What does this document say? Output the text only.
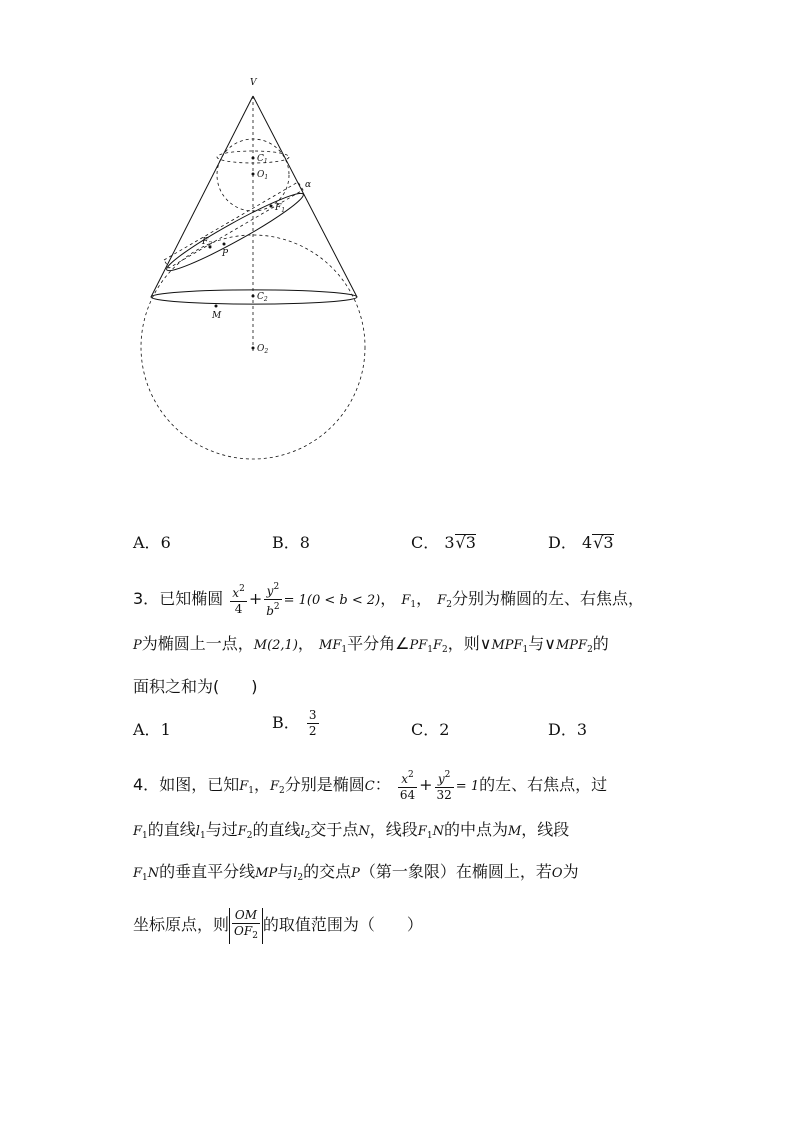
V
$C_1$
$O_1$
α
$F_1$
$F_2$
P
$C_2$
M
$O_2$
A．6	B．8	C． 3√3	D． 4√3
3．已知椭圆 $\frac{x^2}{4} + \frac{y^2}{b^2} = 1(0 < b < 2)$， $F_1$， $F_2$分别为椭圆的左、右焦点，
P为椭圆上一点，M(2,1)， $MF_1$平分角$\angle PF_1F_2$，则$\vee MPF_1$与$\vee MPF_2$的
面积之和为(　　)
A．1	B． $\frac{3}{2}$	C．2	D．3
4．如图，已知$F_1$，$F_2$分别是椭圆C： $\frac{x^2}{64} + \frac{y^2}{32} = 1$的左、右焦点，过
$F_1$的直线$l_1$与过$F_2$的直线$l_2$交于点N，线段$F_1N$的中点为M，线段
$F_1N$的垂直平分线MP与$l_2$的交点P（第一象限）在椭圆上，若O为
坐标原点，则 $\frac{OM}{OF_2}$ 的取值范围为（　　）
